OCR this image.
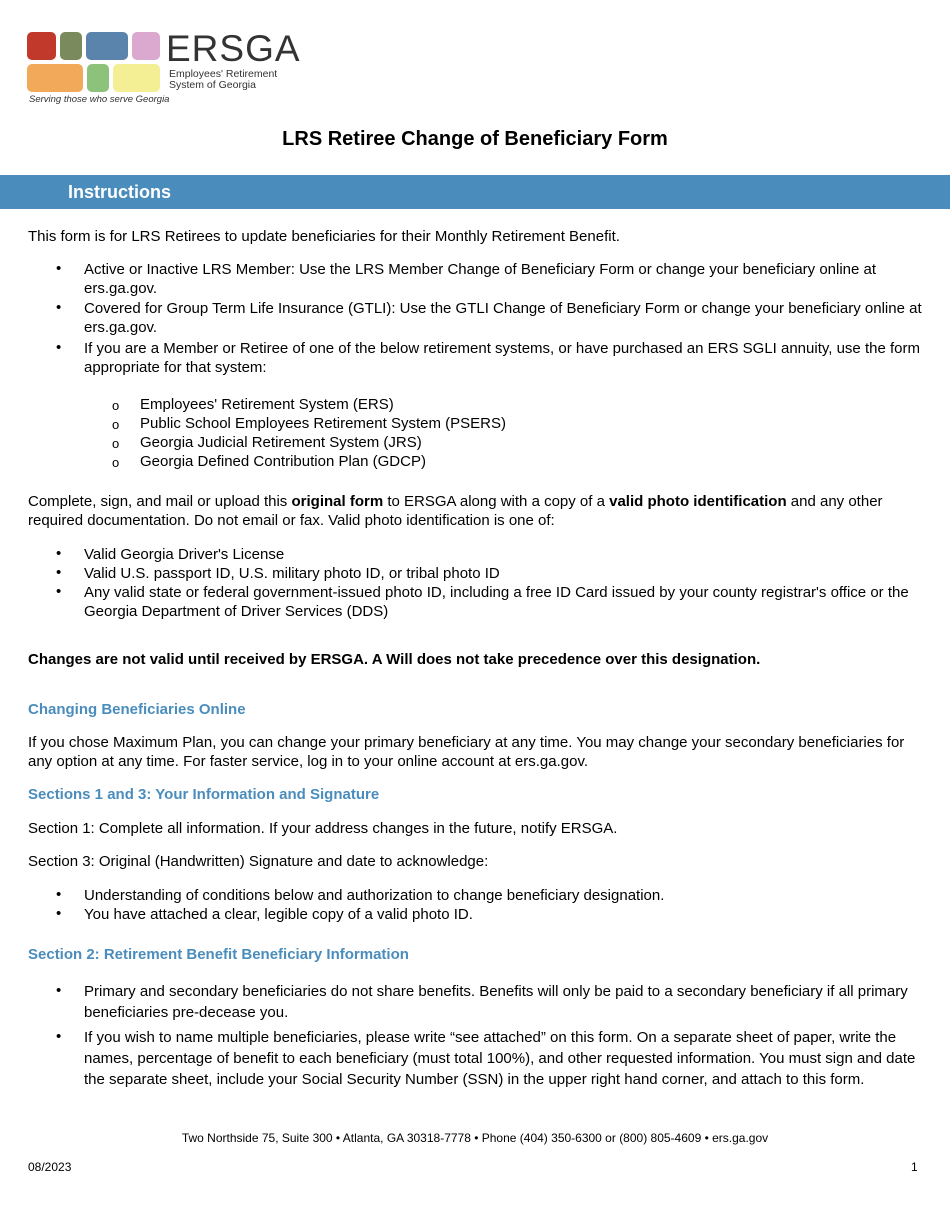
ERSGA
Employees' Retirement
System of Georgia
Serving those who serve Georgia
LRS Retiree Change of Beneficiary Form
Instructions

This form is for LRS Retirees to update beneficiaries for their Monthly Retirement Benefit.

• Active or Inactive LRS Member: Use the LRS Member Change of Beneficiary Form or change your beneficiary online at ers.ga.gov.
• Covered for Group Term Life Insurance (GTLI): Use the GTLI Change of Beneficiary Form or change your beneficiary online at ers.ga.gov.
• If you are a Member or Retiree of one of the below retirement systems, or have purchased an ERS SGLI annuity, use the form appropriate for that system:
o Employees' Retirement System (ERS)
o Public School Employees Retirement System (PSERS)
o Georgia Judicial Retirement System (JRS)
o Georgia Defined Contribution Plan (GDCP)

Complete, sign, and mail or upload this original form to ERSGA along with a copy of a valid photo identification and any other required documentation. Do not email or fax. Valid photo identification is one of:

• Valid Georgia Driver's License
• Valid U.S. passport ID, U.S. military photo ID, or tribal photo ID
• Any valid state or federal government-issued photo ID, including a free ID Card issued by your county registrar's office or the Georgia Department of Driver Services (DDS)

Changes are not valid until received by ERSGA. A Will does not take precedence over this designation.

Changing Beneficiaries Online

If you chose Maximum Plan, you can change your primary beneficiary at any time. You may change your secondary beneficiaries for any option at any time. For faster service, log in to your online account at ers.ga.gov.

Sections 1 and 3: Your Information and Signature

Section 1: Complete all information. If your address changes in the future, notify ERSGA.

Section 3: Original (Handwritten) Signature and date to acknowledge:

• Understanding of conditions below and authorization to change beneficiary designation.
• You have attached a clear, legible copy of a valid photo ID.
Section 2: Retirement Benefit Beneficiary Information
• Primary and secondary beneficiaries do not share benefits. Benefits will only be paid to a secondary beneficiary if all primary beneficiaries pre-decease you.
• If you wish to name multiple beneficiaries, please write “see attached” on this form. On a separate sheet of paper, write the names, percentage of benefit to each beneficiary (must total 100%), and other requested information. You must sign and date the separate sheet, include your Social Security Number (SSN) in the upper right hand corner, and attach to this form.
Two Northside 75, Suite 300 • Atlanta, GA 30318-7778 • Phone (404) 350-6300 or (800) 805-4609 • ers.ga.gov
08/2023	1
